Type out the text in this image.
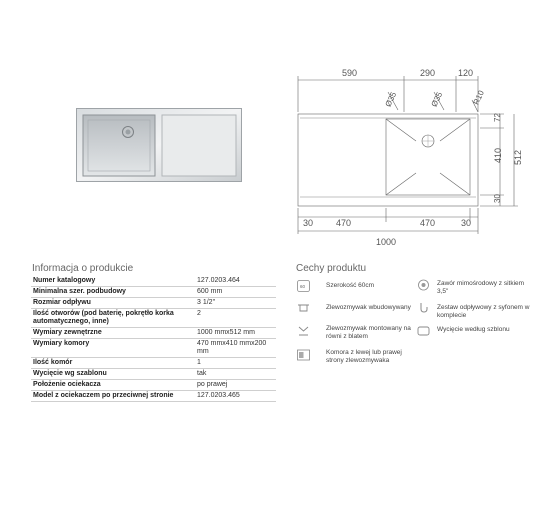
590	290	120
R10
Ø35	Ø35
72
410
30
512
30	470	470	30
1000
Informacja o produkcie	Cechy produktu
Numer katalogowy	127.0203.464
Minimalna szer. podbudowy	600 mm
Rozmiar odpływu	3 1/2"
Ilość otworów (pod baterię, pokrętło korka automatycznego, inne)	2
Wymiary zewnętrzne	1000 mmx512 mm
Wymiary komory	470 mmx410 mmx200 mm
Ilość komór	1
Wycięcie wg szablonu	tak
Położenie ociekacza	po prawej
Model z ociekaczem po przeciwnej stronie	127.0203.465
60	Szerokość 60cm	Zawór mimośrodowy z sitkiem 3,5"
Zlewozmywak wbudowywany	Zestaw odpływowy z syfonem w komplecie
Zlewozmywak montowany na równi z blatem
Wycięcie według szblonu
Komora z lewej lub prawej strony zlewozmywaka
